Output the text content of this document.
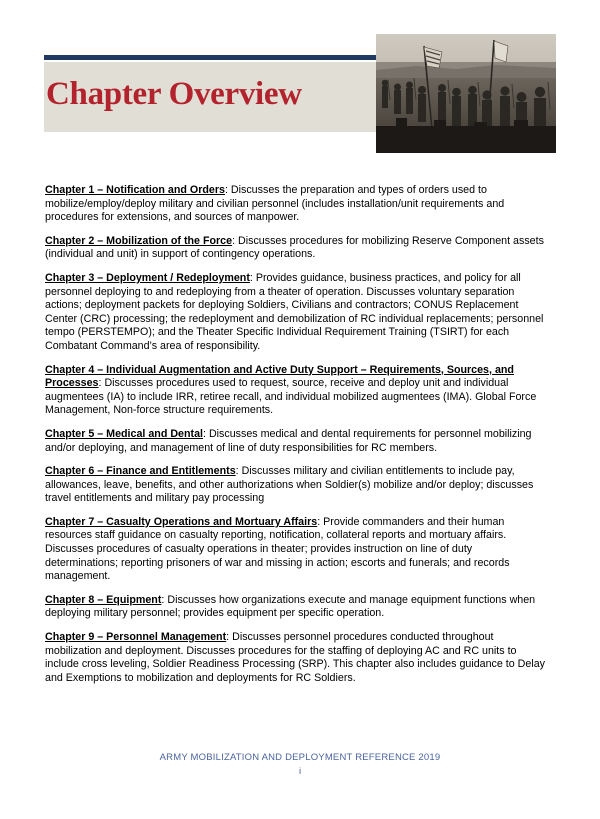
Chapter Overview

Chapter 1 – Notification and Orders: Discusses the preparation and types of orders used to mobilize/employ/deploy military and civilian personnel (includes installation/unit requirements and procedures for extensions, and sources of manpower.

Chapter 2 – Mobilization of the Force: Discusses procedures for mobilizing Reserve Component assets (individual and unit) in support of contingency operations.

Chapter 3 – Deployment / Redeployment: Provides guidance, business practices, and policy for all personnel deploying to and redeploying from a theater of operation. Discusses voluntary separation actions; deployment packets for deploying Soldiers, Civilians and contractors; CONUS Replacement Center (CRC) processing; the redeployment and demobilization of RC individual replacements; personnel tempo (PERSTEMPO); and the Theater Specific Individual Requirement Training (TSIRT) for each Combatant Command’s area of responsibility.

Chapter 4 – Individual Augmentation and Active Duty Support – Requirements, Sources, and Processes: Discusses procedures used to request, source, receive and deploy unit and individual augmentees (IA) to include IRR, retiree recall, and individual mobilized augmentees (IMA). Global Force Management, Non-force structure requirements.

Chapter 5 – Medical and Dental: Discusses medical and dental requirements for personnel mobilizing and/or deploying, and management of line of duty responsibilities for RC members.

Chapter 6 – Finance and Entitlements: Discusses military and civilian entitlements to include pay, allowances, leave, benefits, and other authorizations when Soldier(s) mobilize and/or deploy; discusses travel entitlements and military pay processing

Chapter 7 – Casualty Operations and Mortuary Affairs: Provide commanders and their human resources staff guidance on casualty reporting, notification, collateral reports and mortuary affairs. Discusses procedures of casualty operations in theater; provides instruction on line of duty determinations; reporting prisoners of war and missing in action; escorts and funerals; and records management.

Chapter 8 – Equipment: Discusses how organizations execute and manage equipment functions when deploying military personnel; provides equipment per specific operation.

Chapter 9 – Personnel Management: Discusses personnel procedures conducted throughout mobilization and deployment. Discusses procedures for the staffing of deploying AC and RC units to include cross leveling, Soldier Readiness Processing (SRP). This chapter also includes guidance to Delay and Exemptions to mobilization and deployments for RC Soldiers.

ARMY MOBILIZATION AND DEPLOYMENT REFERENCE 2019
i
